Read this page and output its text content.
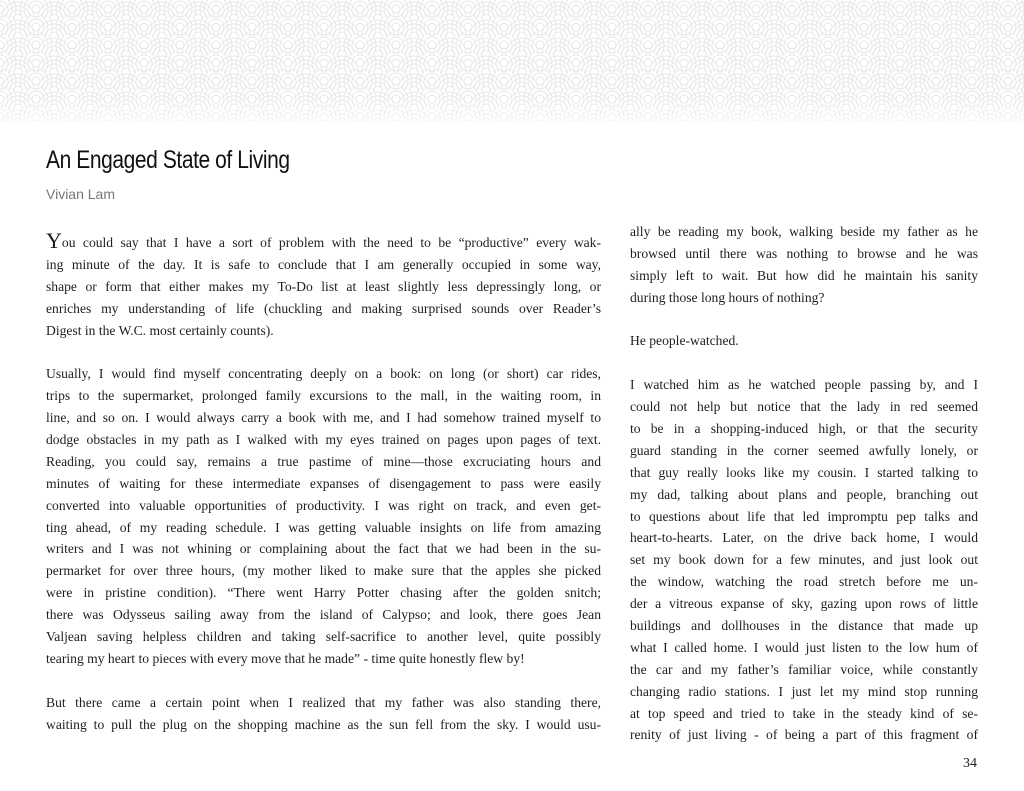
An Engaged State of Living
Vivian Lam
You could say that I have a sort of problem with the need to be “productive” every wak-
ing minute of the day. It is safe to conclude that I am generally occupied in some way,
shape or form that either makes my To-Do list at least slightly less depressingly long, or
enriches my understanding of life (chuckling and making surprised sounds over Reader’s
Digest in the W.C. most certainly counts).
Usually, I would find myself concentrating deeply on a book: on long (or short) car rides,
trips to the supermarket, prolonged family excursions to the mall, in the waiting room, in
line, and so on. I would always carry a book with me, and I had somehow trained myself to
dodge obstacles in my path as I walked with my eyes trained on pages upon pages of text.
Reading, you could say, remains a true pastime of mine—those excruciating hours and
minutes of waiting for these intermediate expanses of disengagement to pass were easily
converted into valuable opportunities of productivity. I was right on track, and even get-
ting ahead, of my reading schedule. I was getting valuable insights on life from amazing
writers and I was not whining or complaining about the fact that we had been in the su-
permarket for over three hours, (my mother liked to make sure that the apples she picked
were in pristine condition). “There went Harry Potter chasing after the golden snitch;
there was Odysseus sailing away from the island of Calypso; and look, there goes Jean
Valjean saving helpless children and taking self-sacrifice to another level, quite possibly
tearing my heart to pieces with every move that he made” - time quite honestly flew by!
But there came a certain point when I realized that my father was also standing there,
waiting to pull the plug on the shopping machine as the sun fell from the sky. I would usu-
ally be reading my book, walking beside my father as he
browsed until there was nothing to browse and he was
simply left to wait. But how did he maintain his sanity
during those long hours of nothing?
He people-watched.
I watched him as he watched people passing by, and I
could not help but notice that the lady in red seemed
to be in a shopping-induced high, or that the security
guard standing in the corner seemed awfully lonely, or
that guy really looks like my cousin. I started talking to
my dad, talking about plans and people, branching out
to questions about life that led impromptu pep talks and
heart-to-hearts. Later, on the drive back home, I would
set my book down for a few minutes, and just look out
the window, watching the road stretch before me un-
der a vitreous expanse of sky, gazing upon rows of little
buildings and dollhouses in the distance that made up
what I called home. I would just listen to the low hum of
the car and my father’s familiar voice, while constantly
changing radio stations. I just let my mind stop running
at top speed and tried to take in the steady kind of se-
renity of just living - of being a part of this fragment of
34
